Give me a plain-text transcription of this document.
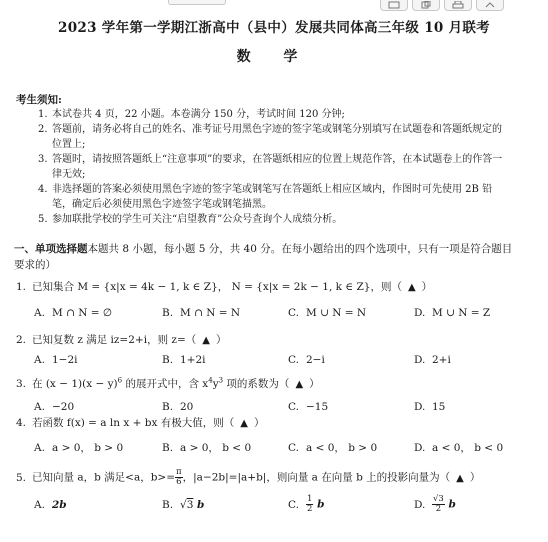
2023 学年第一学期江浙高中（县中）发展共同体高三年级 10 月联考
数 学
考生须知:
1. 本试卷共 4 页，22 小题。本卷满分 150 分，考试时间 120 分钟;
2. 答题前，请务必将自己的姓名、准考证号用黑色字迹的签字笔或钢笔分别填写在试题卷和答题纸规定的位置上;
3. 答题时，请按照答题纸上“注意事项”的要求，在答题纸相应的位置上规范作答，在本试题卷上的作答一律无效;
4. 非选择题的答案必须使用黑色字迹的签字笔或钢笔写在答题纸上相应区域内，作图时可先使用 2B 铅笔，确定后必须使用黑色字迹签字笔或钢笔描黑。
5. 参加联批学校的学生可关注“启望教育”公众号查询个人成绩分析。
一、单项选择题本题共 8 小题，每小题 5 分，共 40 分。在每小题给出的四个选项中，只有一项是符合题目要求的）
1. 已知集合 M = {x|x = 4k − 1, k ∈ Z}， N = {x|x = 2k − 1, k ∈ Z}，则（ ▲ ）
A. M ∩ N = ∅	B. M ∩ N = N	C. M ∪ N = N	D. M ∪ N = Z
2. 已知复数 z 满足 iz=2+i，则 z=（ ▲ ）
A. 1−2i	B. 1+2i	C. 2−i	D. 2+i
3. 在 $(x - 1)(x - y)^6$ 的展开式中，含 $x^4y^3$ 项的系数为（ ▲ ）
A. −20	B. 20	C. −15	D. 15
4. 若函数 f(x) = a ln x + bx 有极大值，则（ ▲ ）
A. a > 0， b > 0	B. a > 0， b < 0	C. a < 0， b > 0	D. a < 0， b < 0
5. 已知向量 a，b 满足<a，$b>= \frac{\pi}{6}$ ，|a−2b|=|a+b|，则向量 a 在向量 b 上的投影向量为（ ▲ ）
A. 2b	B. √3 b	C. $\frac{1}{2}$ b	D. $\frac{√3}{2}$ b
